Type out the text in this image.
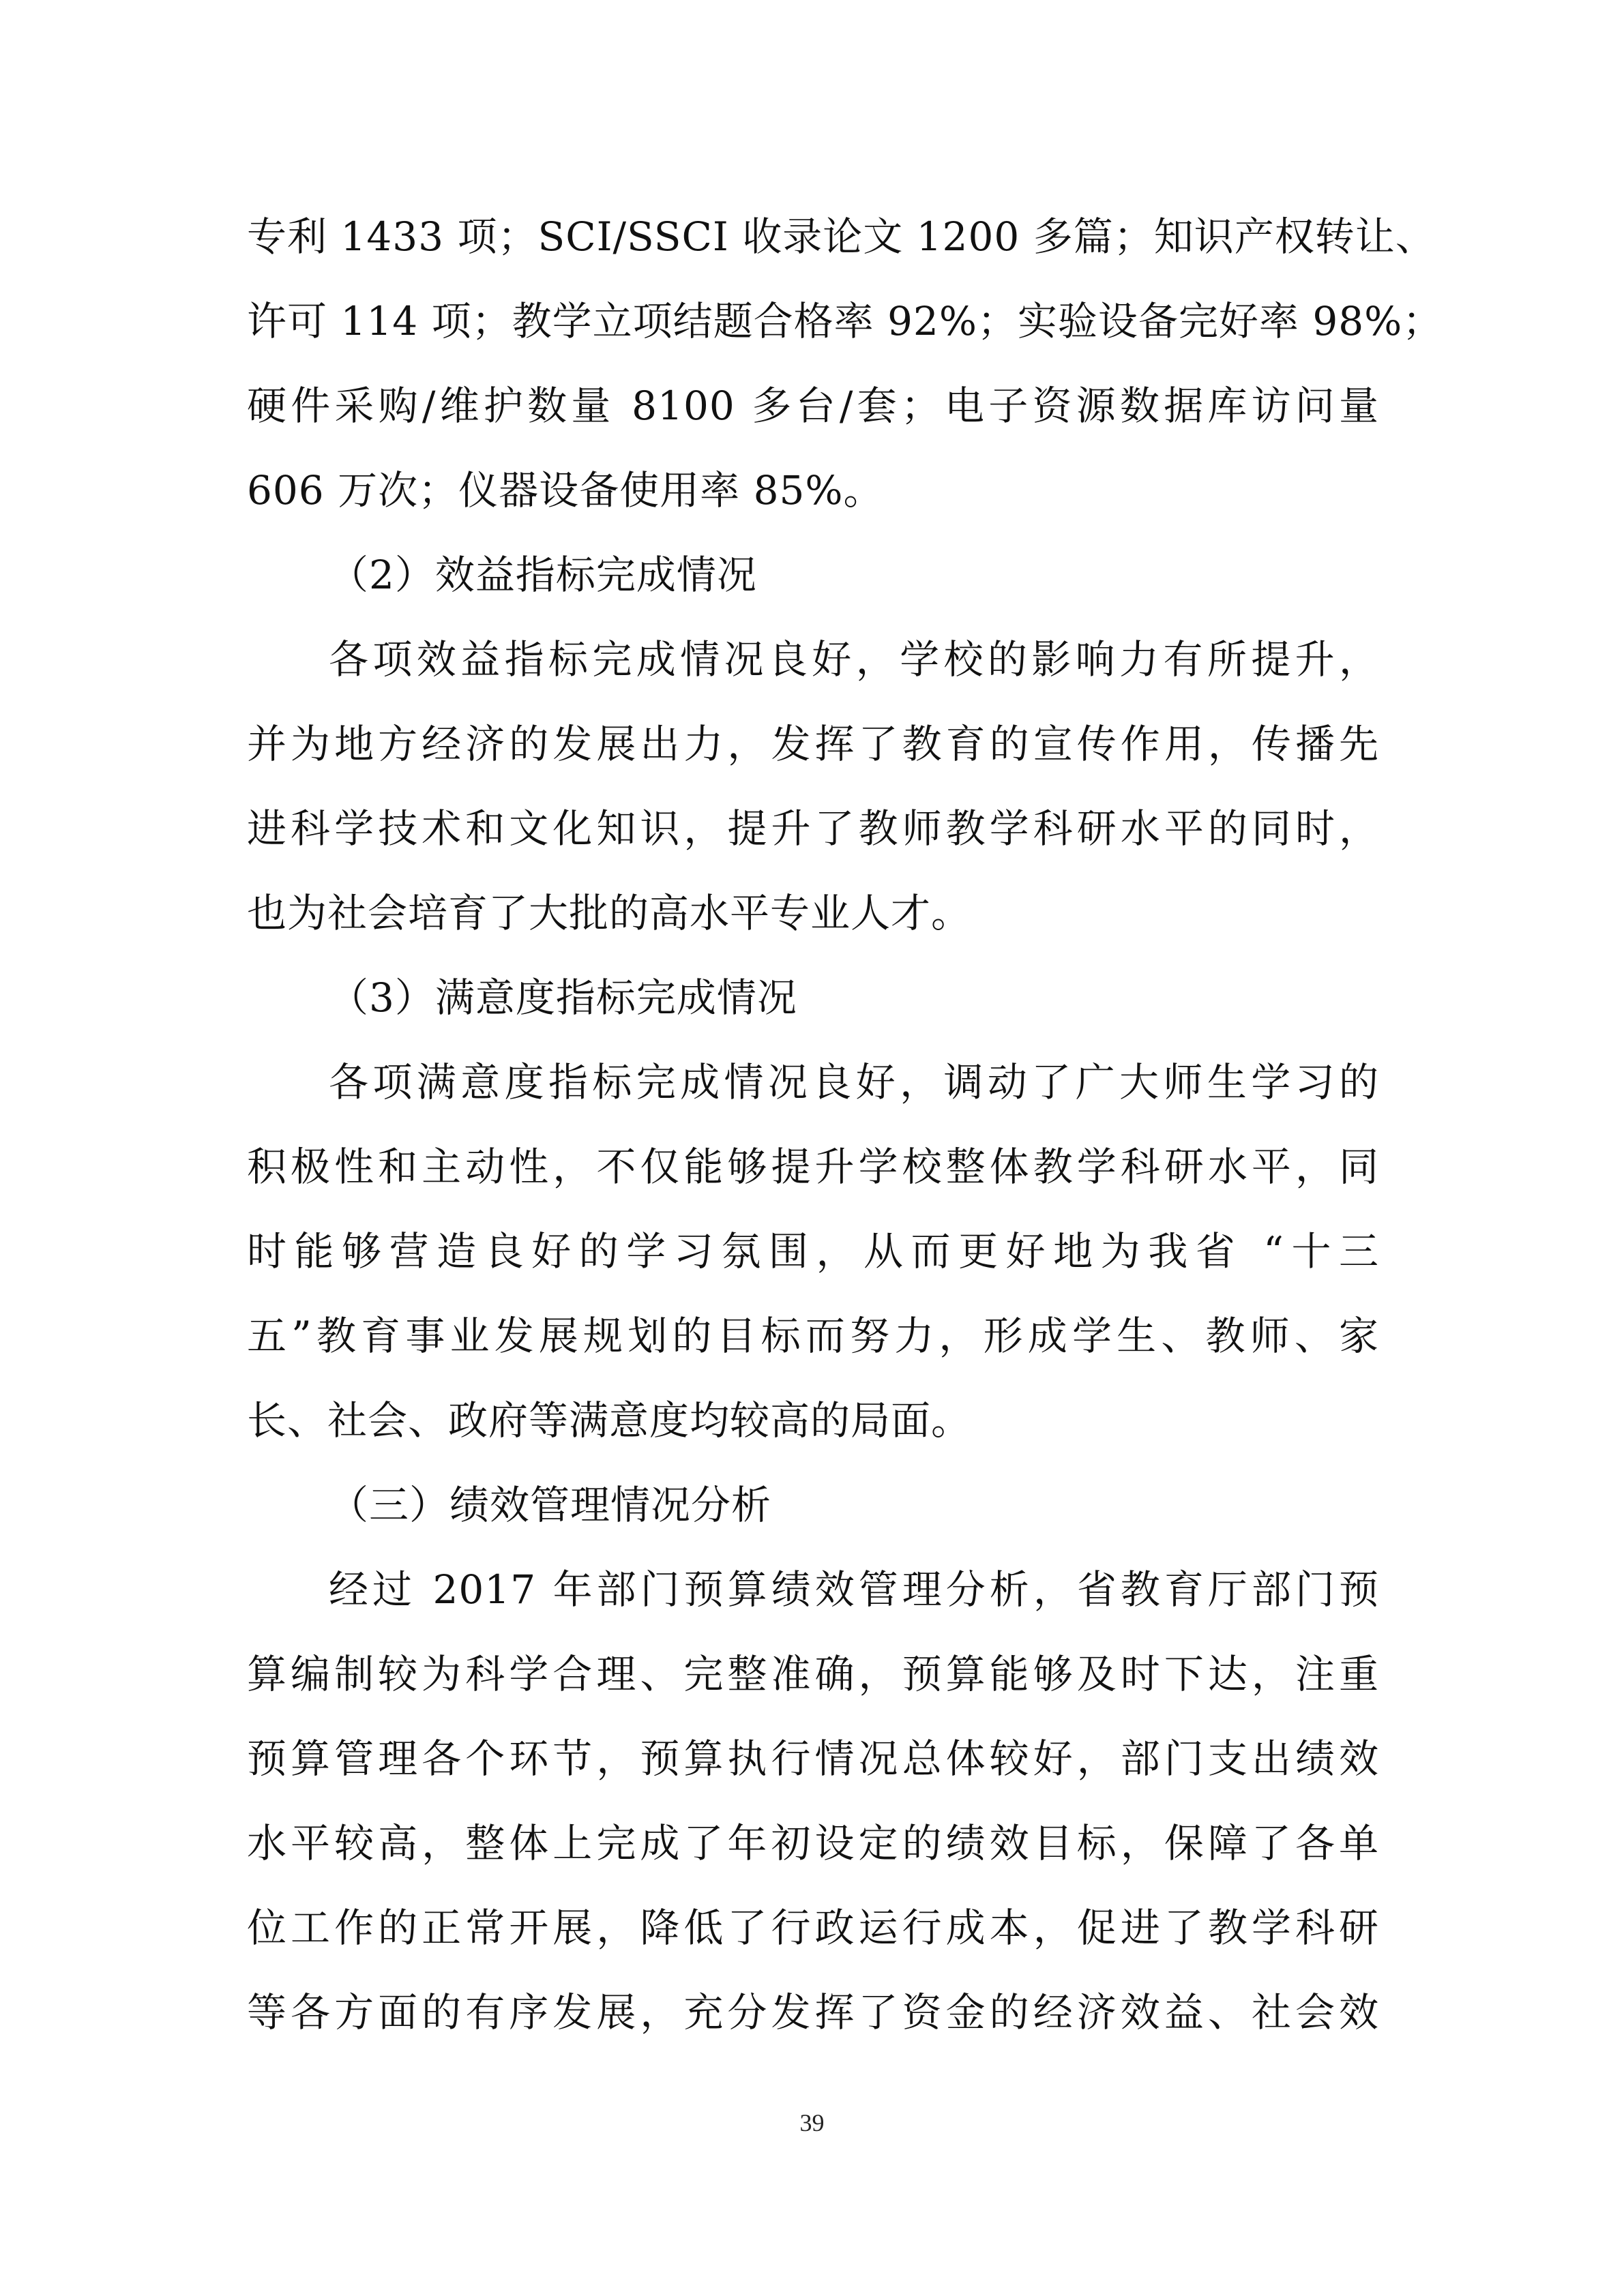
专利 1433 项；SCI/SSCI 收录论文 1200 多篇；知识产权转让、
许可 114 项；教学立项结题合格率 92%；实验设备完好率 98%；
硬件采购/维护数量 8100 多台/套；电子资源数据库访问量
606 万次；仪器设备使用率 85%。
（2）效益指标完成情况
各项效益指标完成情况良好，学校的影响力有所提升，
并为地方经济的发展出力，发挥了教育的宣传作用，传播先
进科学技术和文化知识，提升了教师教学科研水平的同时，
也为社会培育了大批的高水平专业人才。
（3）满意度指标完成情况
各项满意度指标完成情况良好，调动了广大师生学习的
积极性和主动性，不仅能够提升学校整体教学科研水平，同
时能够营造良好的学习氛围，从而更好地为我省 “十三
五”教育事业发展规划的目标而努力，形成学生、教师、家
长、社会、政府等满意度均较高的局面。
（三）绩效管理情况分析
经过 2017 年部门预算绩效管理分析，省教育厅部门预
算编制较为科学合理、完整准确，预算能够及时下达，注重
预算管理各个环节，预算执行情况总体较好，部门支出绩效
水平较高，整体上完成了年初设定的绩效目标，保障了各单
位工作的正常开展，降低了行政运行成本，促进了教学科研
等各方面的有序发展，充分发挥了资金的经济效益、社会效
39
